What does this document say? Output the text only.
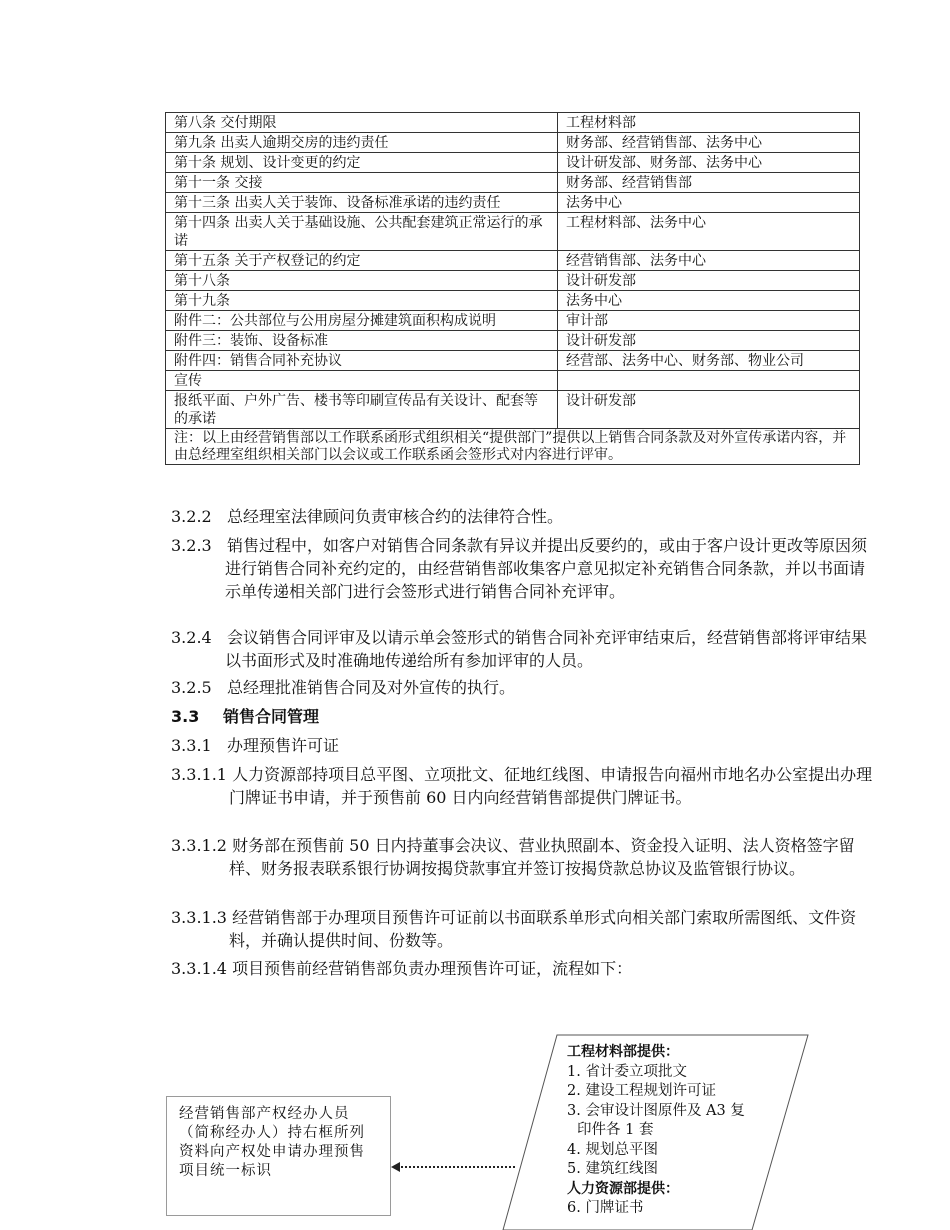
第八条 交付期限	工程材料部
第九条 出卖人逾期交房的违约责任	财务部、经营销售部、法务中心
第十条 规划、设计变更的约定	设计研发部、财务部、法务中心
第十一条 交接	财务部、经营销售部
第十三条 出卖人关于装饰、设备标准承诺的违约责任	法务中心
第十四条 出卖人关于基础设施、公共配套建筑正常运行的承诺	工程材料部、法务中心
第十五条 关于产权登记的约定	经营销售部、法务中心
第十八条	设计研发部
第十九条	法务中心
附件二：公共部位与公用房屋分摊建筑面积构成说明	审计部
附件三：装饰、设备标准	设计研发部
附件四：销售合同补充协议	经营部、法务中心、财务部、物业公司
宣传	
报纸平面、户外广告、楼书等印刷宣传品有关设计、配套等的承诺	设计研发部
注：以上由经营销售部以工作联系函形式组织相关“提供部门”提供以上销售合同条款及对外宣传承诺内容，并由总经理室组织相关部门以会议或工作联系函会签形式对内容进行评审。	

3.2.2 总经理室法律顾问负责审核合约的法律符合性。

3.2.3 销售过程中，如客户对销售合同条款有异议并提出反要约的，或由于客户设计更改等原因须进行销售合同补充约定的，由经营销售部收集客户意见拟定补充销售合同条款，并以书面请示单传递相关部门进行会签形式进行销售合同补充评审。

3.2.4 会议销售合同评审及以请示单会签形式的销售合同补充评审结束后，经营销售部将评审结果以书面形式及时准确地传递给所有参加评审的人员。

3.2.5 总经理批准销售合同及对外宣传的执行。

3.3 销售合同管理

3.3.1 办理预售许可证

3.3.1.1 人力资源部持项目总平图、立项批文、征地红线图、申请报告向福州市地名办公室提出办理门牌证书申请，并于预售前 60 日内向经营销售部提供门牌证书。

3.3.1.2 财务部在预售前 50 日内持董事会决议、营业执照副本、资金投入证明、法人资格签字留样、财务报表联系银行协调按揭贷款事宜并签订按揭贷款总协议及监管银行协议。

3.3.1.3 经营销售部于办理项目预售许可证前以书面联系单形式向相关部门索取所需图纸、文件资料，并确认提供时间、份数等。

3.3.1.4 项目预售前经营销售部负责办理预售许可证，流程如下：

经营销售部产权经办人员（简称经办人）持右框所列资料向产权处申请办理预售项目统一标识
工程材料部提供：
1. 省计委立项批文
2. 建设工程规划许可证
3. 会审设计图原件及 A3 复印件各 1 套
4. 规划总平图
5. 建筑红线图
人力资源部提供：
6. 门牌证书
